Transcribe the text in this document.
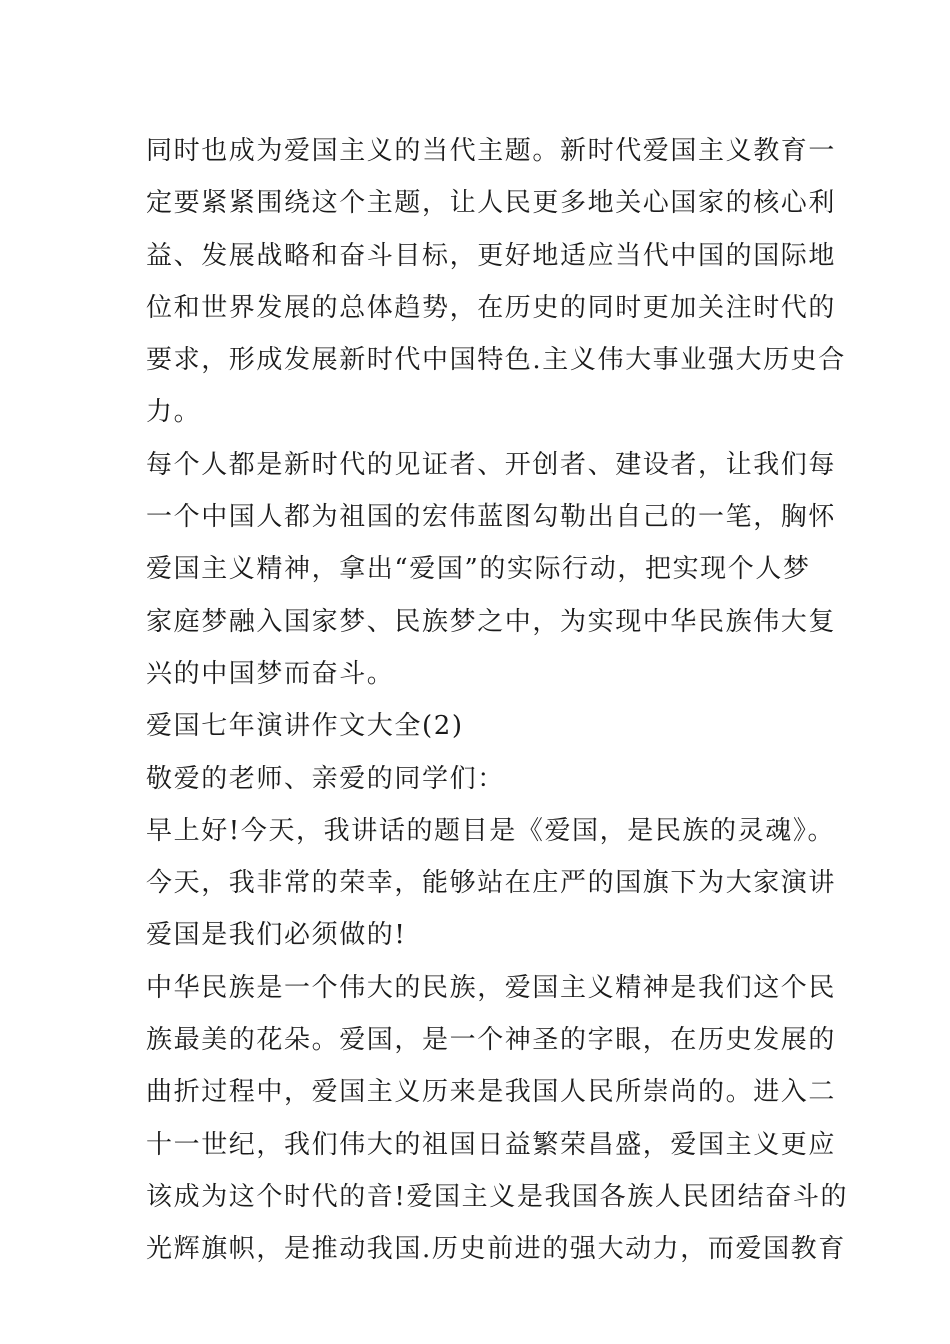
同时也成为爱国主义的当代主题。新时代爱国主义教育一
定要紧紧围绕这个主题，让人民更多地关心国家的核心利
益、发展战略和奋斗目标，更好地适应当代中国的国际地
位和世界发展的总体趋势，在历史的同时更加关注时代的
要求，形成发展新时代中国特色.主义伟大事业强大历史合
力。
每个人都是新时代的见证者、开创者、建设者，让我们每
一个中国人都为祖国的宏伟蓝图勾勒出自己的一笔，胸怀
爱国主义精神，拿出“爱国”的实际行动，把实现个人梦
家庭梦融入国家梦、民族梦之中，为实现中华民族伟大复
兴的中国梦而奋斗。
爱国七年演讲作文大全(2)
敬爱的老师、亲爱的同学们：
早上好!今天，我讲话的题目是《爱国，是民族的灵魂》。
今天，我非常的荣幸，能够站在庄严的国旗下为大家演讲
爱国是我们必须做的!
中华民族是一个伟大的民族，爱国主义精神是我们这个民
族最美的花朵。爱国，是一个神圣的字眼，在历史发展的
曲折过程中，爱国主义历来是我国人民所崇尚的。进入二
十一世纪，我们伟大的祖国日益繁荣昌盛，爱国主义更应
该成为这个时代的音!爱国主义是我国各族人民团结奋斗的
光辉旗帜，是推动我国.历史前进的强大动力，而爱国教育
